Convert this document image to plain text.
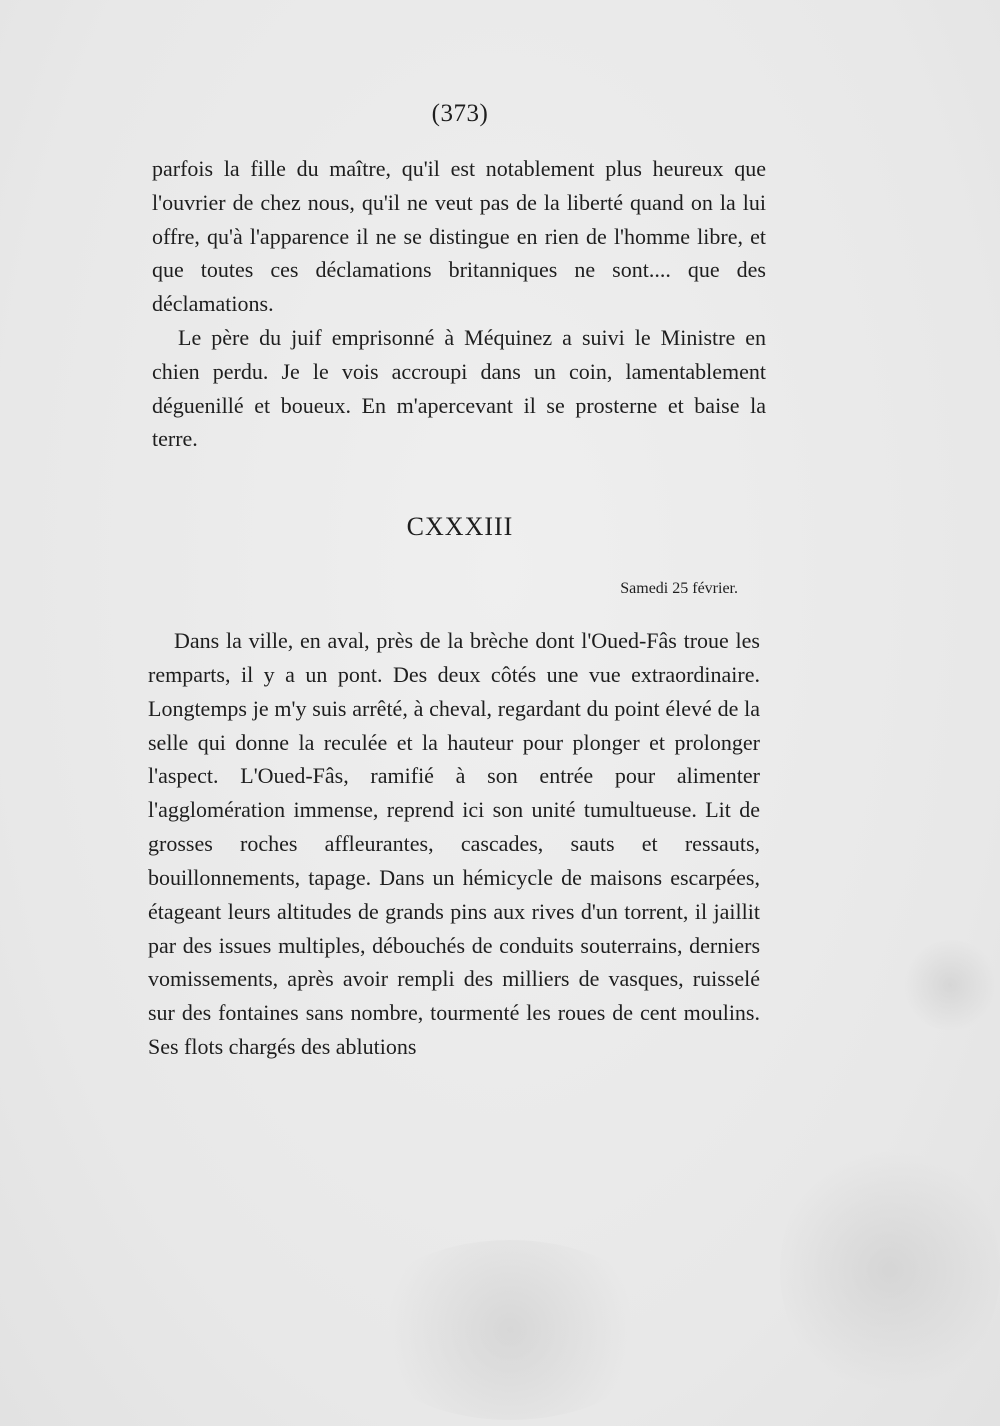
(373)

parfois la fille du maître, qu'il est notablement plus heureux que l'ouvrier de chez nous, qu'il ne veut pas de la liberté quand on la lui offre, qu'à l'apparence il ne se distingue en rien de l'homme libre, et que toutes ces déclamations britanniques ne sont.... que des déclamations.

Le père du juif emprisonné à Méquinez a suivi le Ministre en chien perdu. Je le vois accroupi dans un coin, lamentablement déguenillé et boueux. En m'apercevant il se prosterne et baise la terre.

CXXXIII
Samedi 25 février.

Dans la ville, en aval, près de la brèche dont l'Oued-Fâs troue les remparts, il y a un pont. Des deux côtés une vue extraordinaire. Longtemps je m'y suis arrêté, à cheval, regardant du point élevé de la selle qui donne la reculée et la hauteur pour plonger et prolonger l'aspect. L'Oued-Fâs, ramifié à son entrée pour alimenter l'agglomération immense, reprend ici son unité tumultueuse. Lit de grosses roches affleurantes, cascades, sauts et ressauts, bouillonnements, tapage. Dans un hémicycle de maisons escarpées, étageant leurs altitudes de grands pins aux rives d'un torrent, il jaillit par des issues multiples, débouchés de conduits souterrains, derniers vomissements, après avoir rempli des milliers de vasques, ruisselé sur des fontaines sans nombre, tourmenté les roues de cent moulins. Ses flots chargés des ablutions
